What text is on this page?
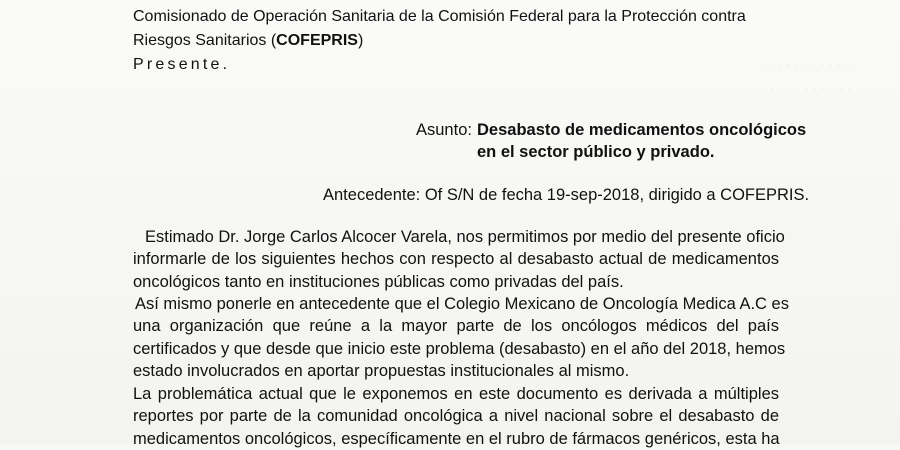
· · · · · · · · · · ·
· · · · · · · · · ·
Comisionado de Operación Sanitaria de la Comisión Federal para la Protección contra
Riesgos Sanitarios (COFEPRIS)
Presente.
Asunto: Desabasto de medicamentos oncológicos
en el sector público y privado.
Antecedente: Of S/N de fecha 19-sep-2018, dirigido a COFEPRIS.
Estimado Dr. Jorge Carlos Alcocer Varela, nos permitimos por medio del presente oficio
informarle de los siguientes hechos con respecto al desabasto actual de medicamentos
oncológicos tanto en instituciones públicas como privadas del país.
Así mismo ponerle en antecedente que el Colegio Mexicano de Oncología Medica A.C es
una organización que reúne a la mayor parte de los oncólogos médicos del país
certificados y que desde que inicio este problema (desabasto) en el año del 2018, hemos
estado involucrados en aportar propuestas institucionales al mismo.
La problemática actual que le exponemos en este documento es derivada a múltiples
reportes por parte de la comunidad oncológica a nivel nacional sobre el desabasto de
medicamentos oncológicos, específicamente en el rubro de fármacos genéricos, esta ha
